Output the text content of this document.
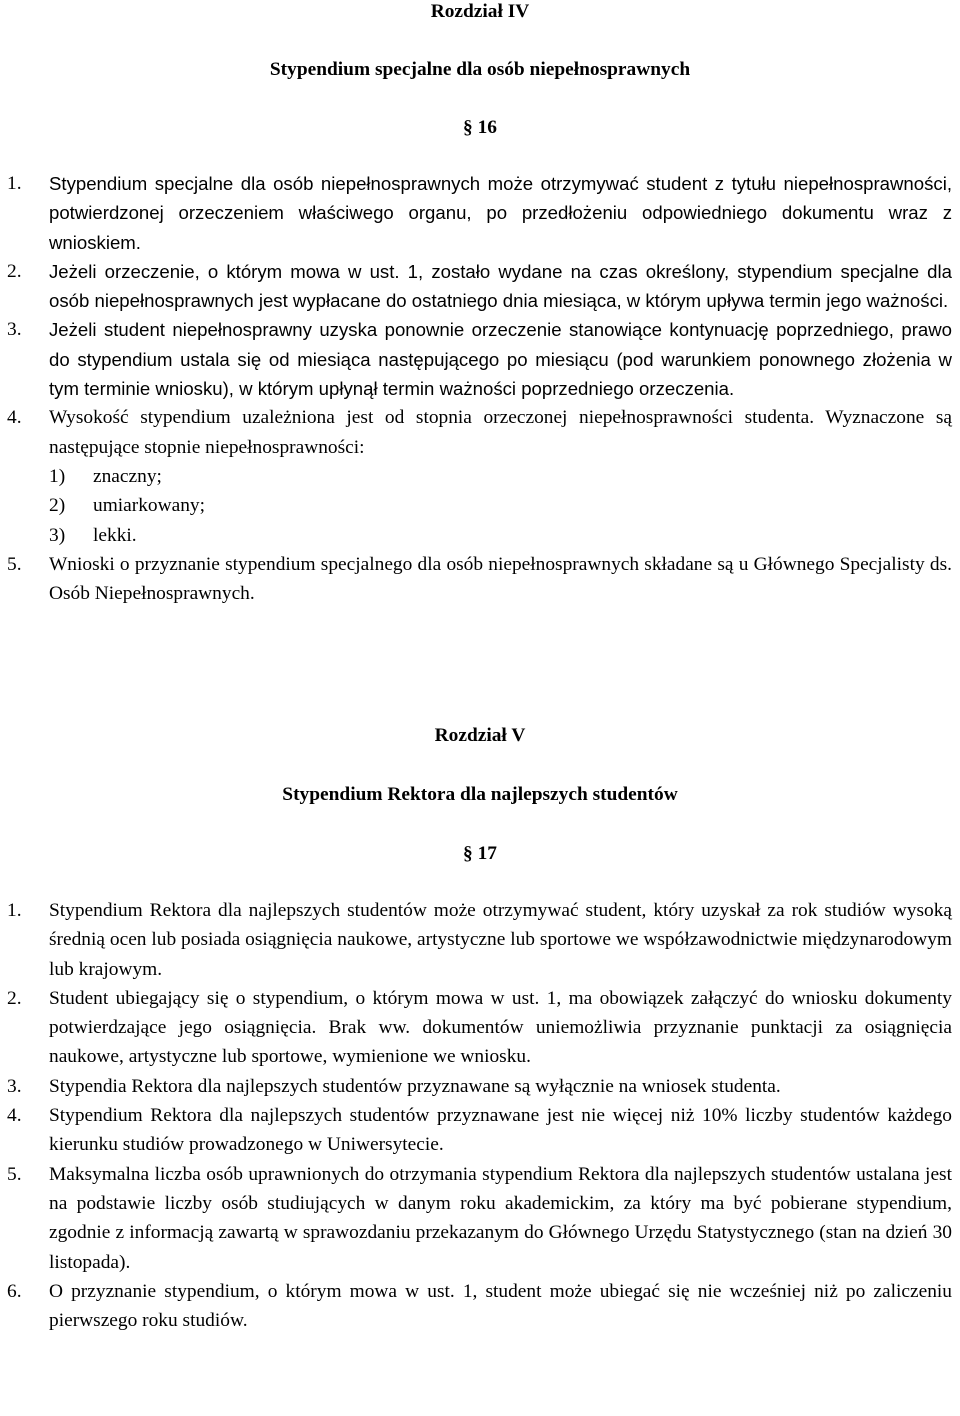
Rozdział IV
Stypendium specjalne dla osób niepełnosprawnych
§ 16
1.	Stypendium specjalne dla osób niepełnosprawnych może otrzymywać student z tytułu niepełnosprawności, potwierdzonej orzeczeniem właściwego organu, po przedłożeniu odpowiedniego dokumentu wraz z wnioskiem.
2.	Jeżeli orzeczenie, o którym mowa w ust. 1, zostało wydane na czas określony, stypendium specjalne dla osób niepełnosprawnych jest wypłacane do ostatniego dnia miesiąca, w którym upływa termin jego ważności.
3.	Jeżeli student niepełnosprawny uzyska ponownie orzeczenie stanowiące kontynuację poprzedniego, prawo do stypendium ustala się od miesiąca następującego po miesiącu (pod warunkiem ponownego złożenia w tym terminie wniosku), w którym upłynął termin ważności poprzedniego orzeczenia.
4.	Wysokość stypendium uzależniona jest od stopnia orzeczonej niepełnosprawności studenta. Wyznaczone są następujące stopnie niepełnosprawności:
1)	znaczny;
2)	umiarkowany;
3)	lekki.
5.	Wnioski o przyznanie stypendium specjalnego dla osób niepełnosprawnych składane są u Głównego Specjalisty ds. Osób Niepełnosprawnych.
Rozdział V
Stypendium Rektora dla najlepszych studentów
§ 17
1.	Stypendium Rektora dla najlepszych studentów może otrzymywać student, który uzyskał za rok studiów wysoką średnią ocen lub posiada osiągnięcia naukowe, artystyczne lub sportowe we współzawodnictwie międzynarodowym lub krajowym.
2.	Student ubiegający się o stypendium, o którym mowa w ust. 1, ma obowiązek załączyć do wniosku dokumenty potwierdzające jego osiągnięcia. Brak ww. dokumentów uniemożliwia przyznanie punktacji za osiągnięcia naukowe, artystyczne lub sportowe, wymienione we wniosku.
3.	Stypendia Rektora dla najlepszych studentów przyznawane są wyłącznie na wniosek studenta.
4.	Stypendium Rektora dla najlepszych studentów przyznawane jest nie więcej niż 10% liczby studentów każdego kierunku studiów prowadzonego w Uniwersytecie.
5.	Maksymalna liczba osób uprawnionych do otrzymania stypendium Rektora dla najlepszych studentów ustalana jest na podstawie liczby osób studiujących w danym roku akademickim, za który ma być pobierane stypendium, zgodnie z informacją zawartą w sprawozdaniu przekazanym do Głównego Urzędu Statystycznego (stan na dzień 30 listopada).
6.	O przyznanie stypendium, o którym mowa w ust. 1, student może ubiegać się nie wcześniej niż po zaliczeniu pierwszego roku studiów.
